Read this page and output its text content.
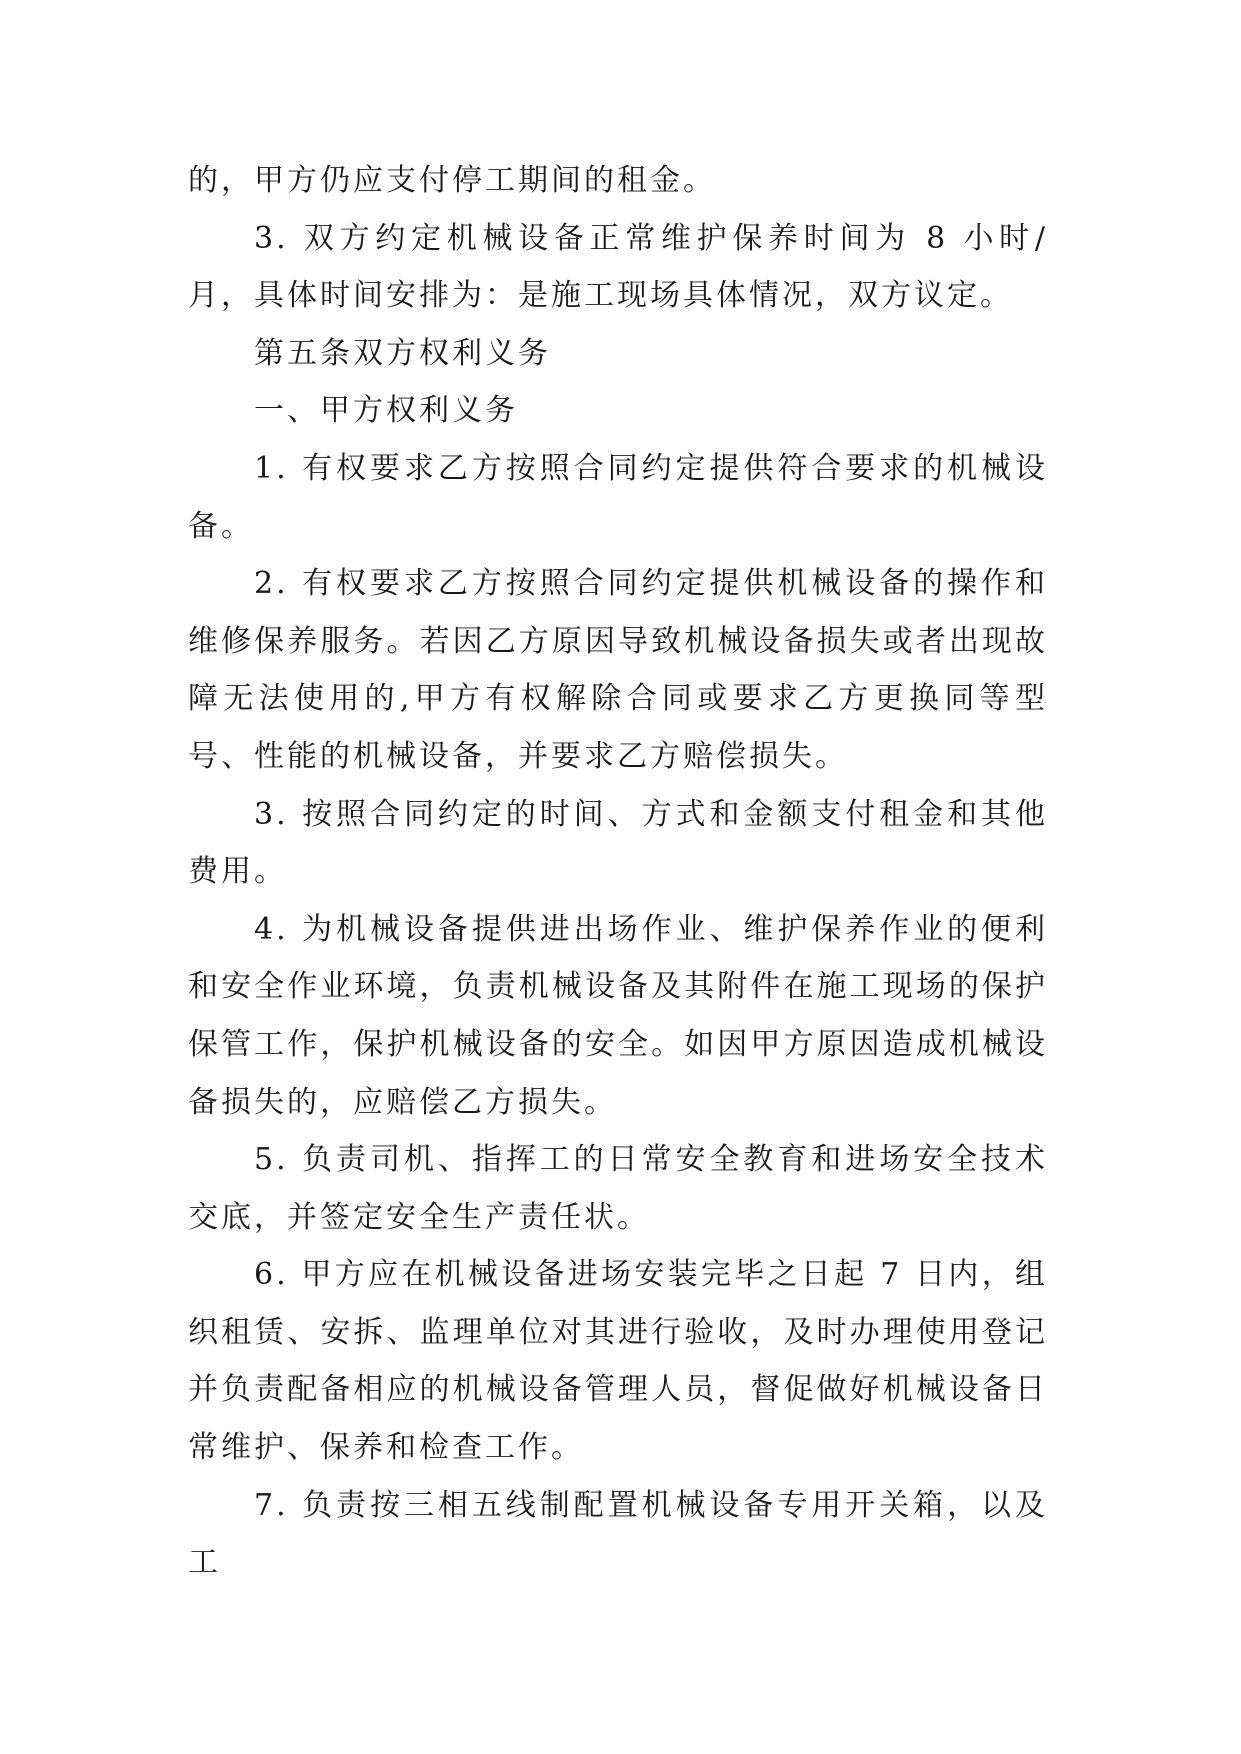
的，甲方仍应支付停工期间的租金。

3. 双方约定机械设备正常维护保养时间为 8 小时/月，具体时间安排为：是施工现场具体情况，双方议定。

第五条双方权利义务

一、甲方权利义务

1. 有权要求乙方按照合同约定提供符合要求的机械设备。

2. 有权要求乙方按照合同约定提供机械设备的操作和维修保养服务。若因乙方原因导致机械设备损失或者出现故障无法使用的,甲方有权解除合同或要求乙方更换同等型号、性能的机械设备，并要求乙方赔偿损失。

3. 按照合同约定的时间、方式和金额支付租金和其他费用。

4. 为机械设备提供进出场作业、维护保养作业的便利和安全作业环境，负责机械设备及其附件在施工现场的保护保管工作，保护机械设备的安全。如因甲方原因造成机械设备损失的，应赔偿乙方损失。

5. 负责司机、指挥工的日常安全教育和进场安全技术交底，并签定安全生产责任状。

6. 甲方应在机械设备进场安装完毕之日起 7 日内，组织租赁、安拆、监理单位对其进行验收，及时办理使用登记并负责配备相应的机械设备管理人员，督促做好机械设备日常维护、保养和检查工作。

7. 负责按三相五线制配置机械设备专用开关箱，以及工
